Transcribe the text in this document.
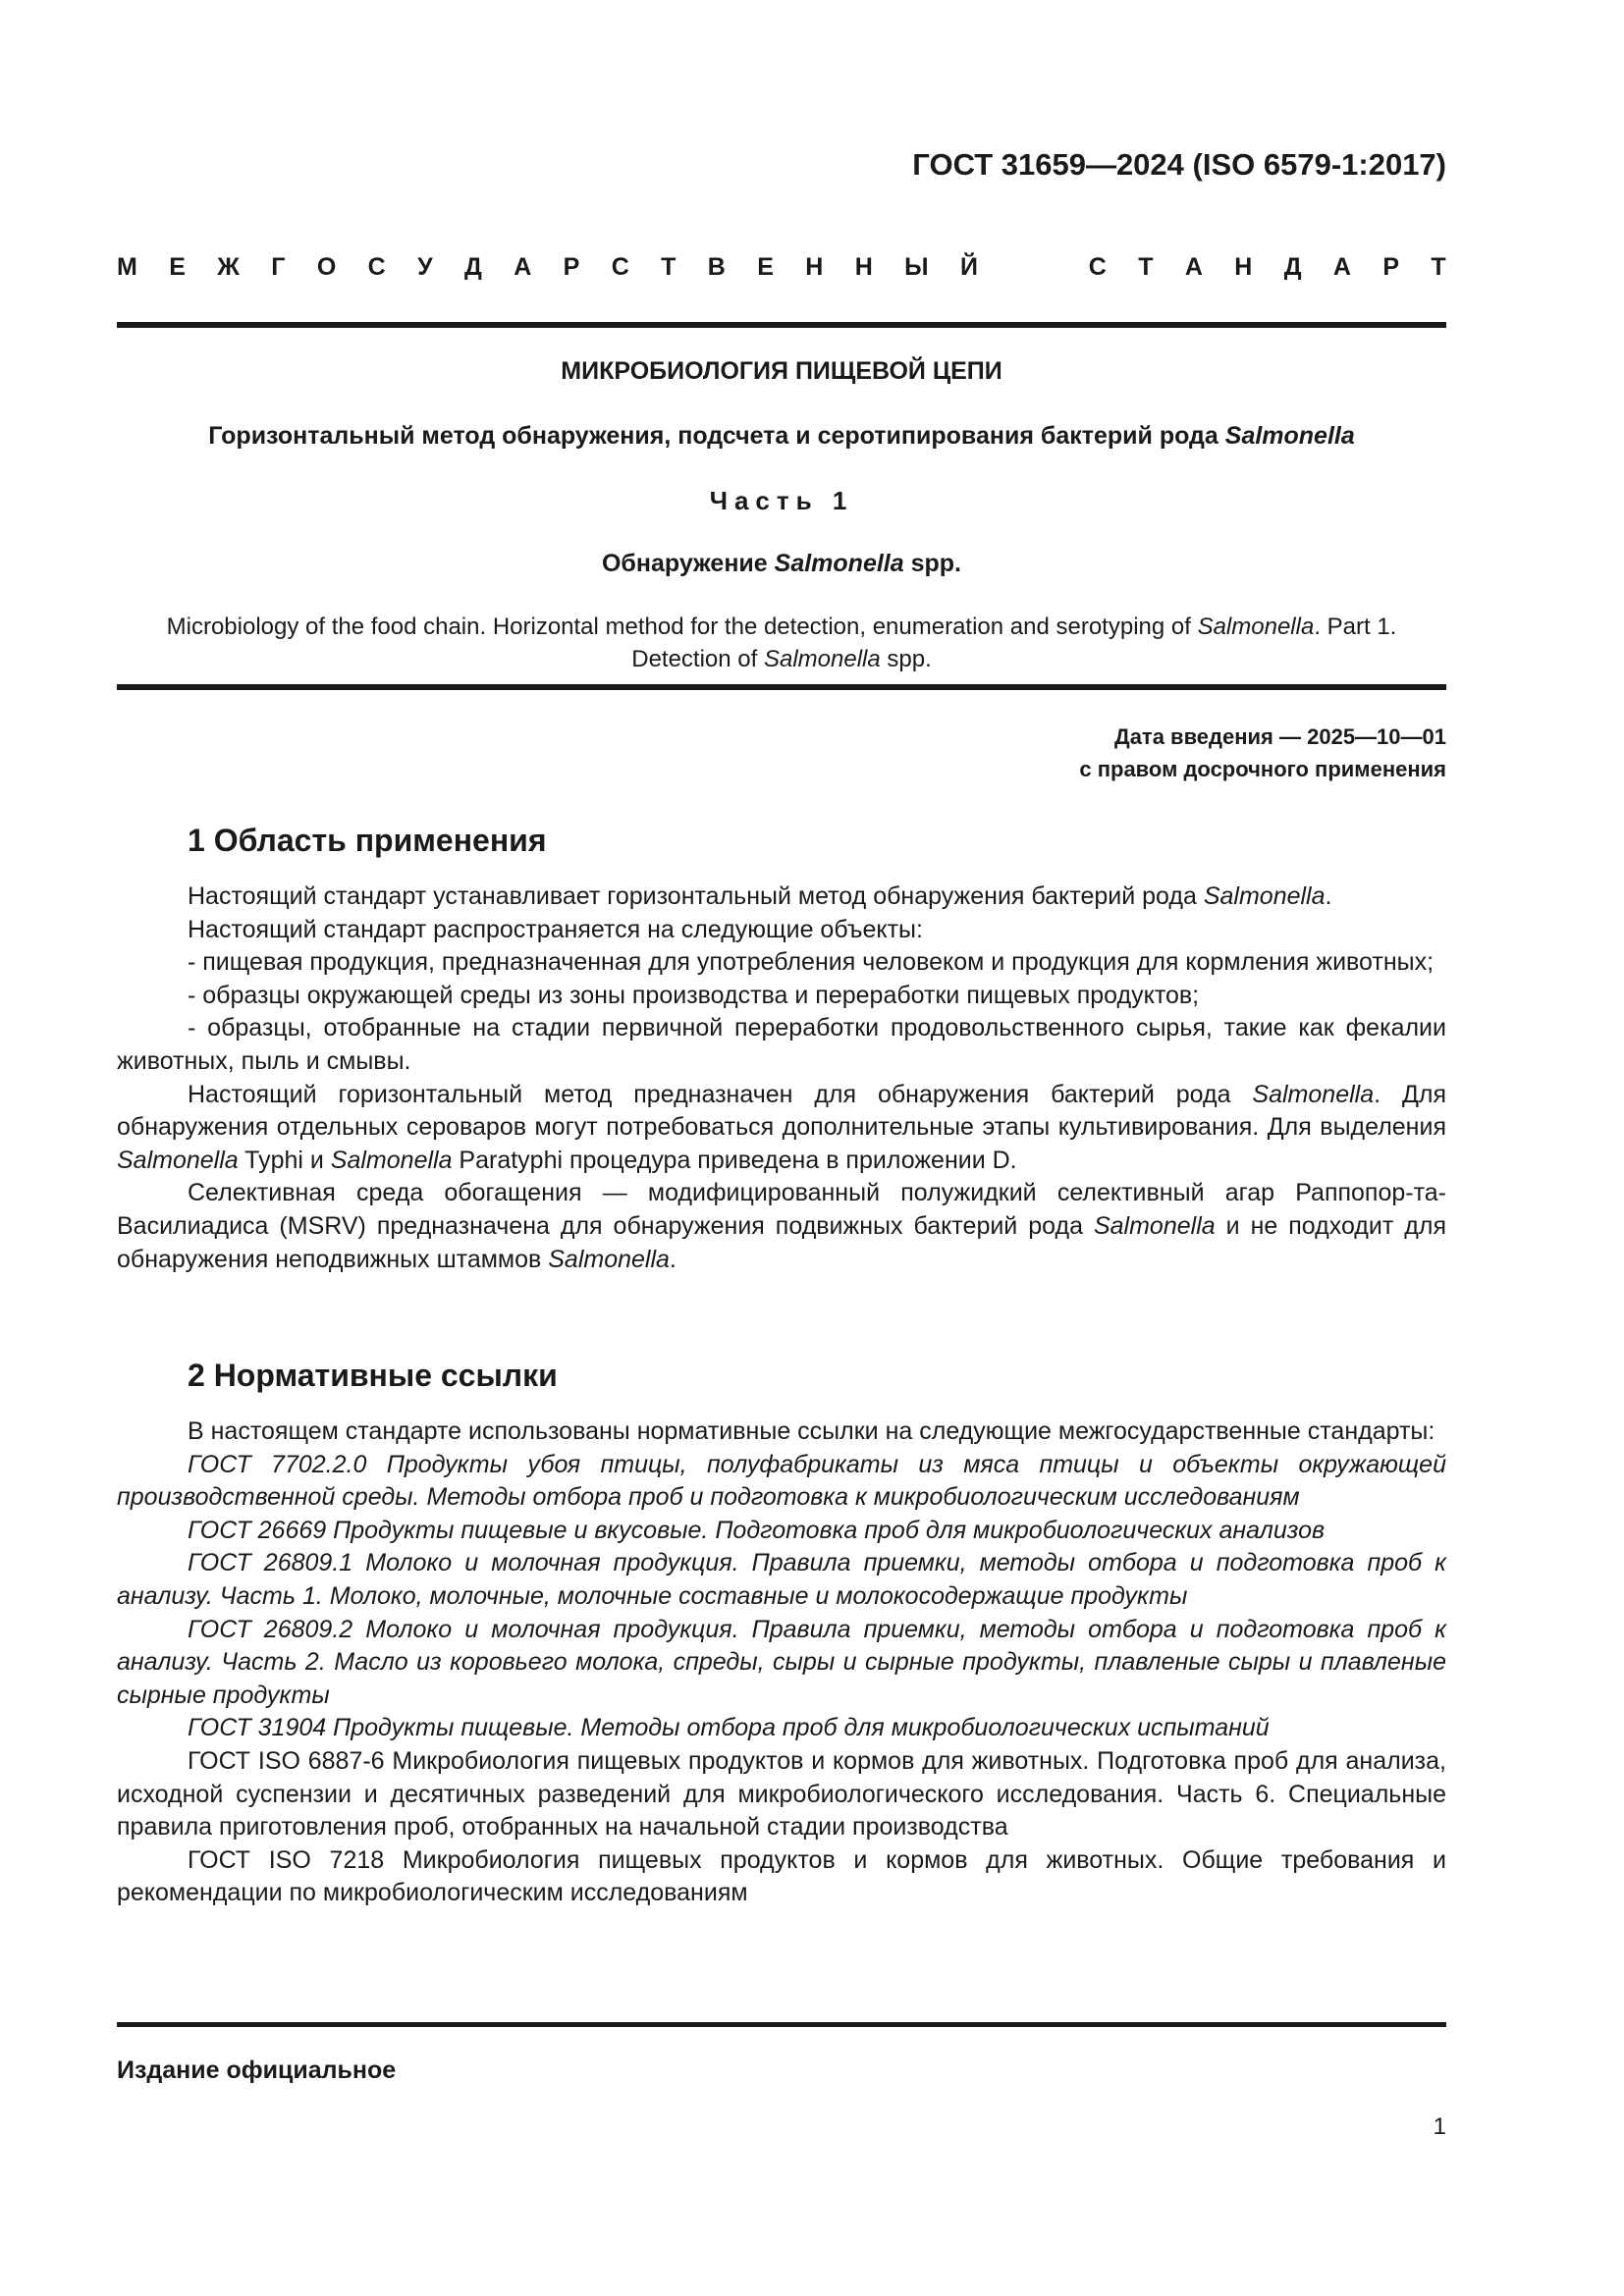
ГОСТ 31659—2024 (ISO 6579-1:2017)
М Е Ж Г О С У Д А Р С Т В Е Н Н Ы Й	С Т А Н Д А Р Т
МИКРОБИОЛОГИЯ ПИЩЕВОЙ ЦЕПИ
Горизонтальный метод обнаружения, подсчета и серотипирования бактерий рода Salmonella
Часть 1
Обнаружение Salmonella spp.

Microbiology of the food chain. Horizontal method for the detection, enumeration and serotyping of Salmonella. Part 1.

Detection of Salmonella spp.

Дата введения — 2025—10—01

с правом досрочного применения

1 Область применения

Настоящий стандарт устанавливает горизонтальный метод обнаружения бактерий рода Salmonella.

Настоящий стандарт распространяется на следующие объекты:

- пищевая продукция, предназначенная для употребления человеком и продукция для кормления животных;

- образцы окружающей среды из зоны производства и переработки пищевых продуктов;

- образцы, отобранные на стадии первичной переработки продовольственного сырья, такие как фекалии животных, пыль и смывы.

Настоящий горизонтальный метод предназначен для обнаружения бактерий рода Salmonella. Для обнаружения отдельных сероваров могут потребоваться дополнительные этапы культивирования. Для выделения Salmonella Typhi и Salmonella Paratyphi процедура приведена в приложении D.

Селективная среда обогащения — модифицированный полужидкий селективный агар Раппопор-та-Василиадиса (MSRV) предназначена для обнаружения подвижных бактерий рода Salmonella и не подходит для обнаружения неподвижных штаммов Salmonella.

2 Нормативные ссылки

В настоящем стандарте использованы нормативные ссылки на следующие межгосударственные стандарты:

ГОСТ 7702.2.0 Продукты убоя птицы, полуфабрикаты из мяса птицы и объекты окружающей производственной среды. Методы отбора проб и подготовка к микробиологическим исследованиям

ГОСТ 26669 Продукты пищевые и вкусовые. Подготовка проб для микробиологических анализов

ГОСТ 26809.1 Молоко и молочная продукция. Правила приемки, методы отбора и подготовка проб к анализу. Часть 1. Молоко, молочные, молочные составные и молокосодержащие продукты

ГОСТ 26809.2 Молоко и молочная продукция. Правила приемки, методы отбора и подготовка проб к анализу. Часть 2. Масло из коровьего молока, спреды, сыры и сырные продукты, плавленые сыры и плавленые сырные продукты

ГОСТ 31904 Продукты пищевые. Методы отбора проб для микробиологических испытаний

ГОСТ ISO 6887-6 Микробиология пищевых продуктов и кормов для животных. Подготовка проб для анализа, исходной суспензии и десятичных разведений для микробиологического исследования. Часть 6. Специальные правила приготовления проб, отобранных на начальной стадии производства

ГОСТ ISO 7218 Микробиология пищевых продуктов и кормов для животных. Общие требования и рекомендации по микробиологическим исследованиям

Издание официальное
1
